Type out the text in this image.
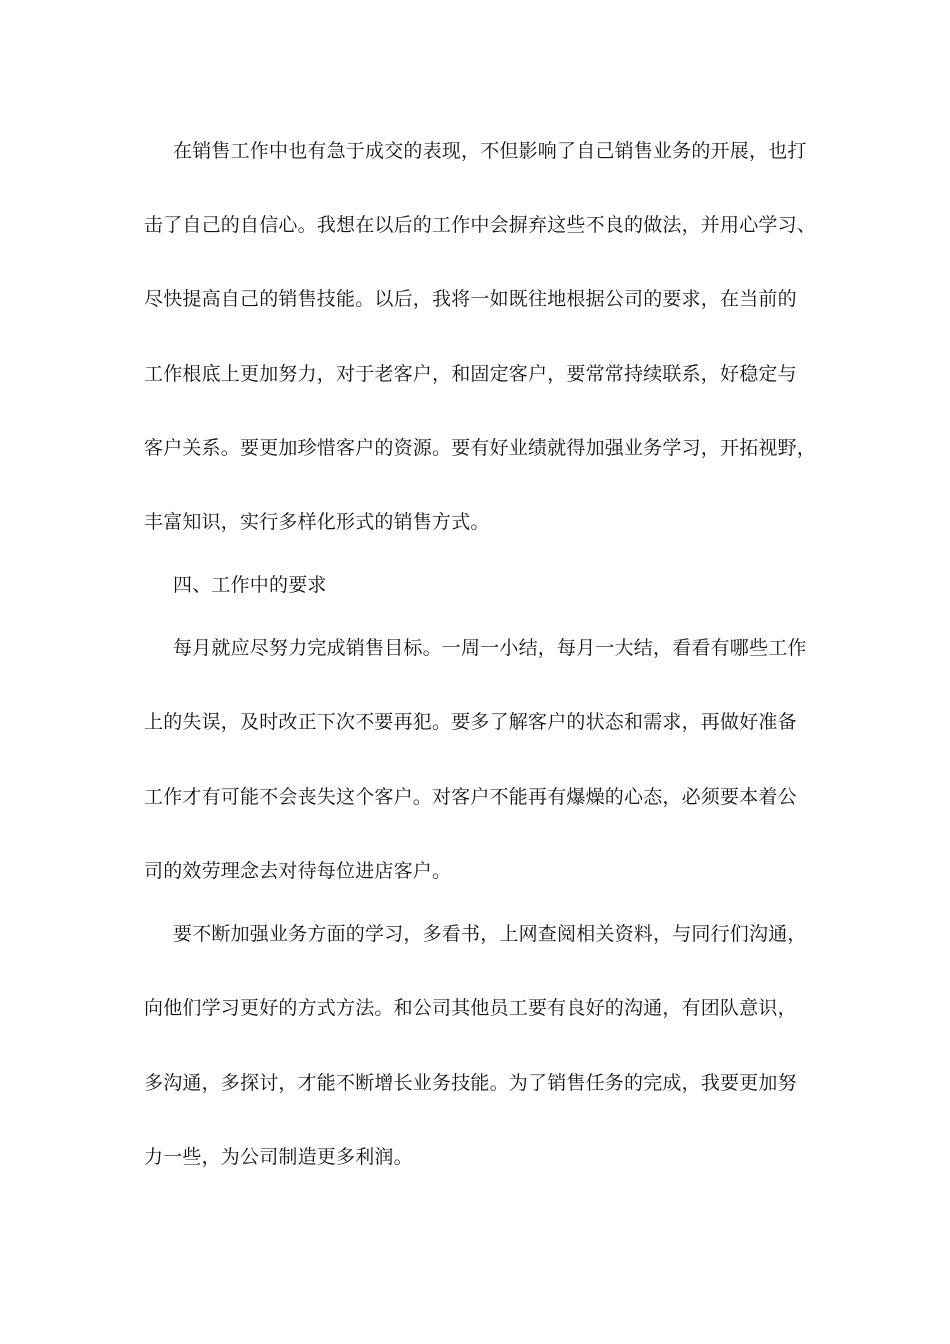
在销售工作中也有急于成交的表现，不但影响了自己销售业务的开展，也打
击了自己的自信心。我想在以后的工作中会摒弃这些不良的做法，并用心学习、
尽快提高自己的销售技能。以后，我将一如既往地根据公司的要求，在当前的
工作根底上更加努力，对于老客户，和固定客户，要常常持续联系，好稳定与
客户关系。要更加珍惜客户的资源。要有好业绩就得加强业务学习，开拓视野，
丰富知识，实行多样化形式的销售方式。
四、工作中的要求
每月就应尽努力完成销售目标。一周一小结，每月一大结，看看有哪些工作
上的失误，及时改正下次不要再犯。要多了解客户的状态和需求，再做好准备
工作才有可能不会丧失这个客户。对客户不能再有爆燥的心态，必须要本着公
司的效劳理念去对待每位进店客户。
要不断加强业务方面的学习，多看书，上网查阅相关资料，与同行们沟通，
向他们学习更好的方式方法。和公司其他员工要有良好的沟通，有团队意识，
多沟通，多探讨，才能不断增长业务技能。为了销售任务的完成，我要更加努
力一些，为公司制造更多利润。
